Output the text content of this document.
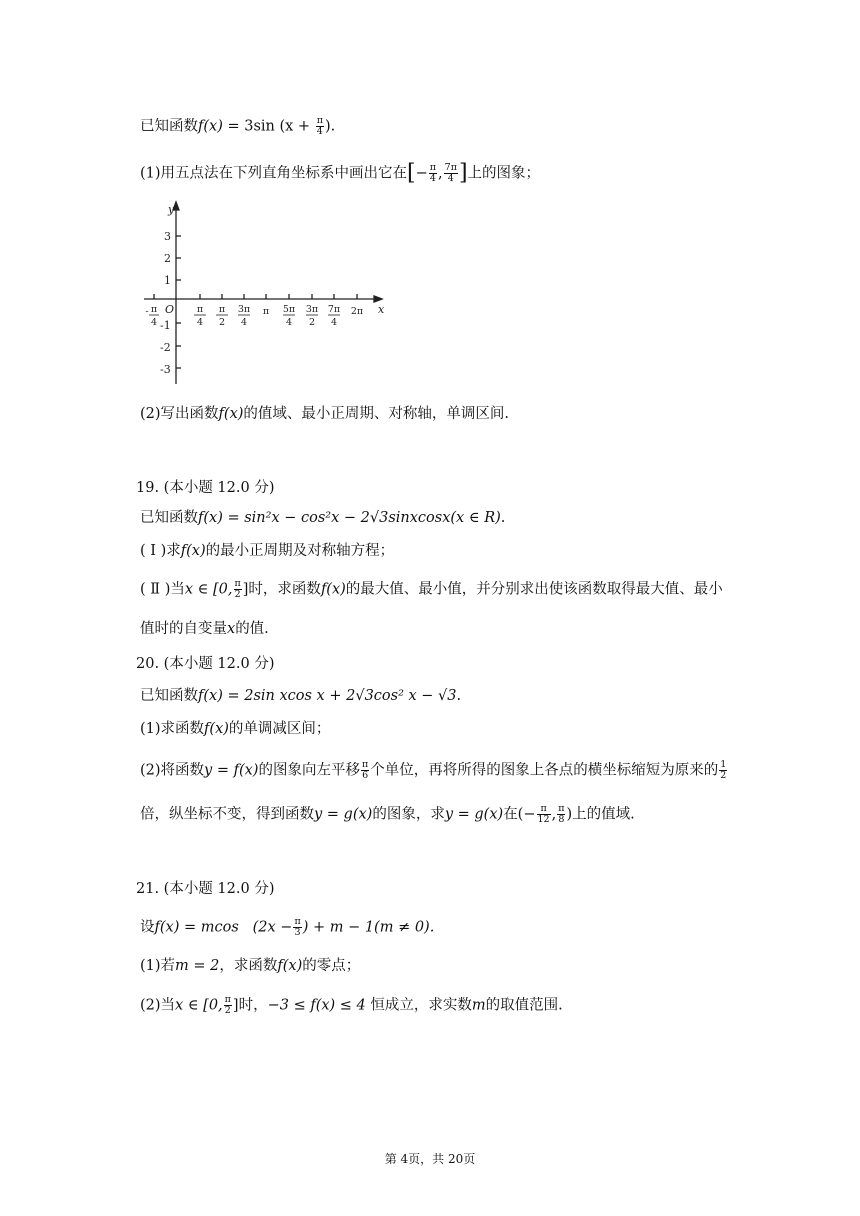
已知函数f(x) = 3sin ($x + \frac{\pi}{4}$ ).
(1)用五点法在下列直角坐标系中画出它在[− $\frac{\pi}{4}$ , $\frac{7\pi}{4}$ ]上的图象；
y
x
O
3
2
1
-1
-2
-3
- π
4
π
4
π
2
3π
4
π 5π
4
3π
2
7π
4
2π
(2)写出函数f(x)的值域、最小正周期、对称轴，单调区间.
19. (本小题 12.0 分)
已知函数f(x) = sin²x − cos²x − 2√3sinxcosx(x ∈ R).
( Ⅰ )求f(x)的最小正周期及对称轴方程；
( Ⅱ )当x ∈ [0, $\frac{\pi}{2}$ ]时，求函数f(x)的最大值、最小值，并分别求出使该函数取得最大值、最小
值时的自变量x的值.
20. (本小题 12.0 分)
已知函数f(x) = 2sin xcos x + 2√3cos² x − √3.
(1)求函数f(x)的单调减区间；
(2)将函数y = f(x)的图象向左平移 $\frac{\pi}{6}$ 个单位，再将所得的图象上各点的横坐标缩短为原来的 $\frac{1}{2}$
倍，纵坐标不变，得到函数y = g(x)的图象，求y = g(x)在(− $\frac{\pi}{12}$ , $\frac{\pi}{8}$ )上的值域.
21. (本小题 12.0 分)
设f(x) = mcos ($2x - \frac{\pi}{3}$ ) + m − 1(m ≠ 0).
(1)若m = 2，求函数f(x)的零点；
(2)当x ∈ [0, $\frac{\pi}{2}$ ]时，−3 ≤ f(x) ≤ 4 恒成立，求实数m的取值范围.
第 4页，共 20页
